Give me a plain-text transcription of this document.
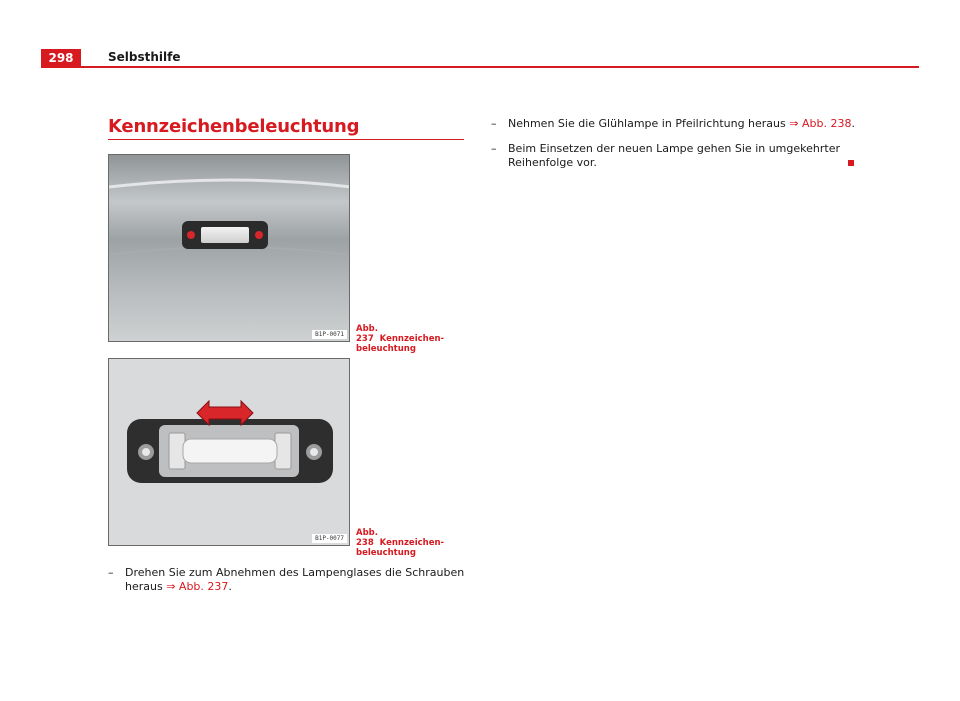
298	Selbsthilfe
Kennzeichenbeleuchtung
B1P-0071
Abb. 237 Kennzeichen-beleuchtung
B1P-0077
Abb. 238 Kennzeichen-beleuchtung
–	Drehen Sie zum Abnehmen des Lampenglases die Schrauben heraus ⇒ Abb. 237.
–	Nehmen Sie die Glühlampe in Pfeilrichtung heraus ⇒ Abb. 238.
–	Beim Einsetzen der neuen Lampe gehen Sie in umgekehrter Reihenfolge vor.
